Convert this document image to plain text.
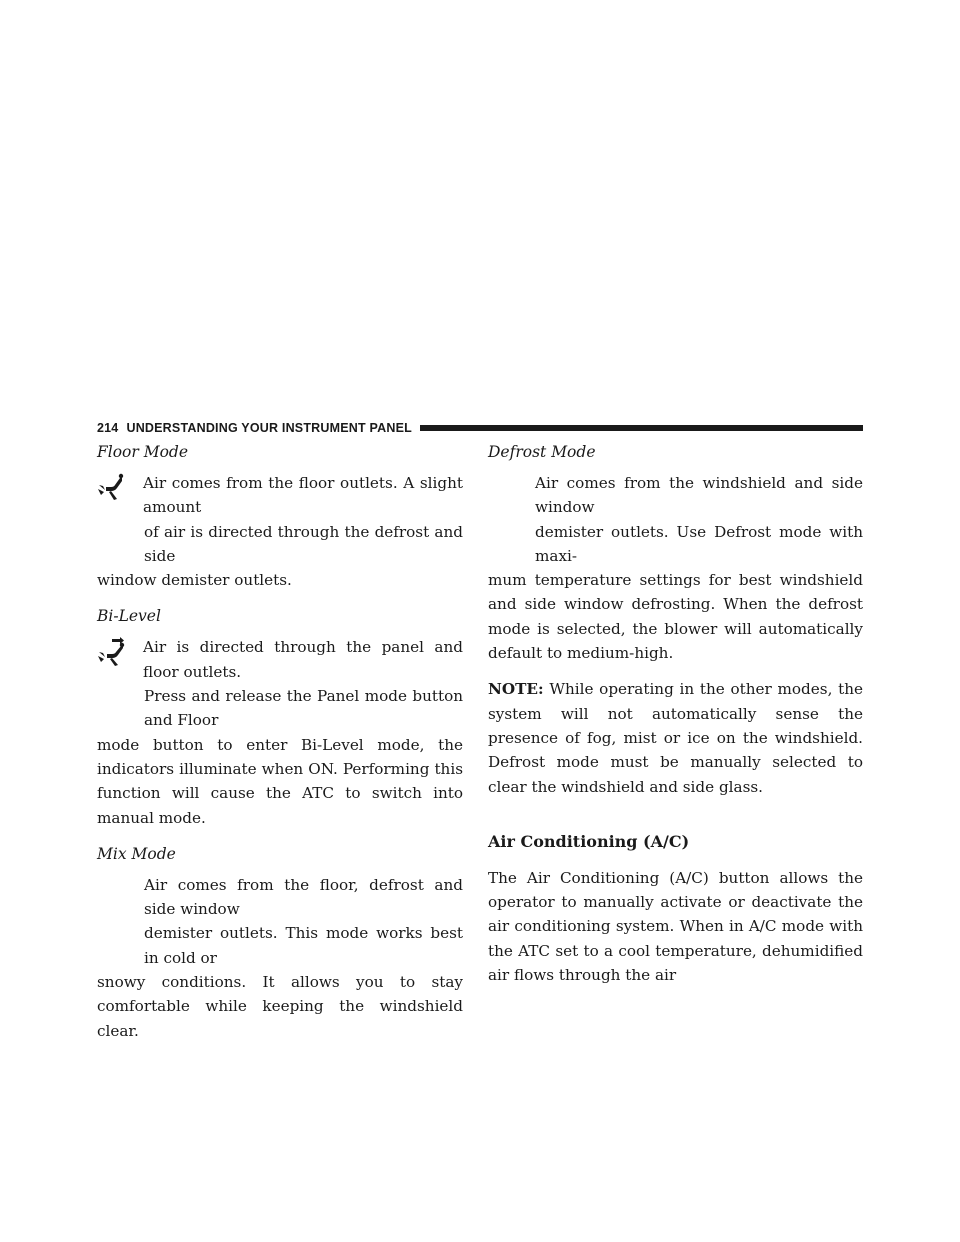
214 UNDERSTANDING YOUR INSTRUMENT PANEL
Floor Mode

Air comes from the floor outlets. A slight amount

of air is directed through the defrost and side

window demister outlets.

Bi-Level

Air is directed through the panel and floor outlets.

Press and release the Panel mode button and Floor

mode button to enter Bi-Level mode, the indicators illuminate when ON. Performing this function will cause the ATC to switch into manual mode.

Mix Mode

Air comes from the floor, defrost and side window

demister outlets. This mode works best in cold or

snowy conditions. It allows you to stay comfortable while keeping the windshield clear.

Defrost Mode

Air comes from the windshield and side window

demister outlets. Use Defrost mode with maxi-

mum temperature settings for best windshield and side window defrosting. When the defrost mode is selected, the blower will automatically default to medium-high.

NOTE: While operating in the other modes, the system will not automatically sense the presence of fog, mist or ice on the windshield. Defrost mode must be manually selected to clear the windshield and side glass.

Air Conditioning (A/C)

The Air Conditioning (A/C) button allows the operator to manually activate or deactivate the air conditioning system. When in A/C mode with the ATC set to a cool temperature, dehumidified air flows through the air
